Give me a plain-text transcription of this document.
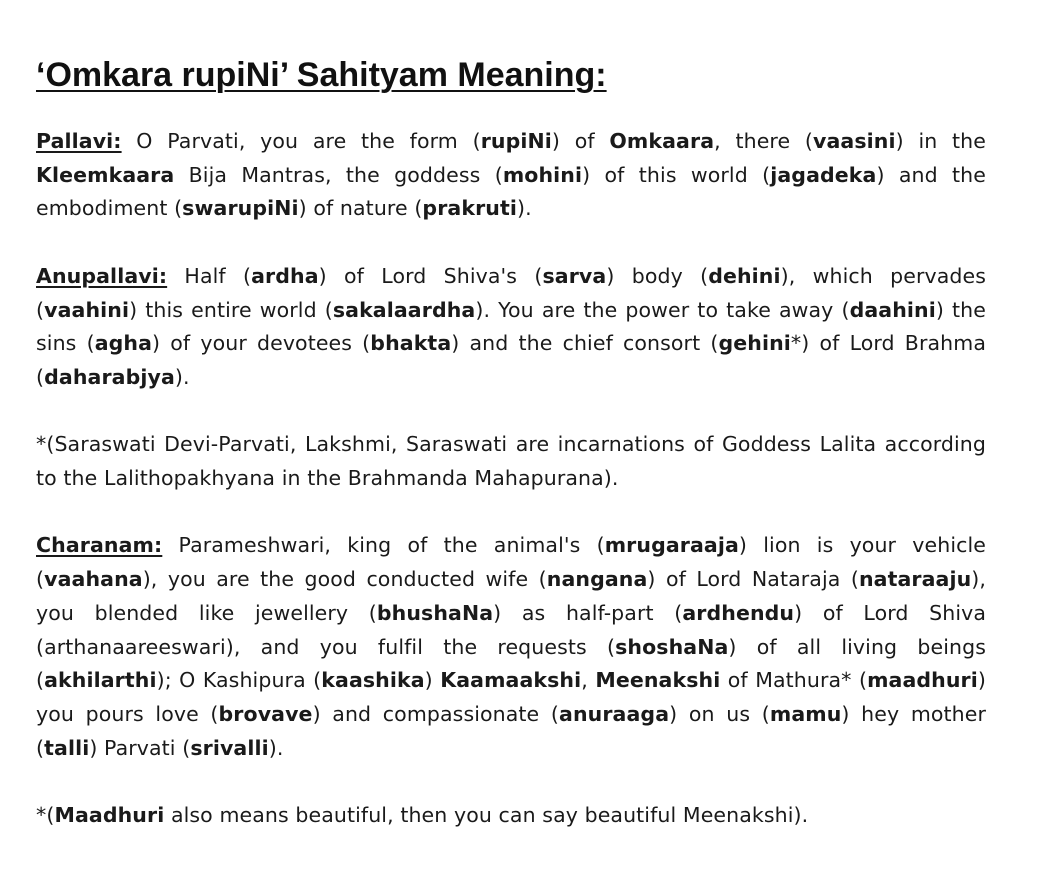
‘Omkara rupiNi’ Sahityam Meaning:

Pallavi: O Parvati, you are the form (rupiNi) of Omkaara, there (vaasini) in the Kleemkaara Bija Mantras, the goddess (mohini) of this world (jagadeka) and the embodiment (swarupiNi) of nature (prakruti).

Anupallavi: Half (ardha) of Lord Shiva's (sarva) body (dehini), which pervades (vaahini) this entire world (sakalaardha). You are the power to take away (daahini) the sins (agha) of your devotees (bhakta) and the chief consort (gehini*) of Lord Brahma (daharabjya).

*(Saraswati Devi-Parvati, Lakshmi, Saraswati are incarnations of Goddess Lalita according to the Lalithopakhyana in the Brahmanda Mahapurana).

Charanam: Parameshwari, king of the animal's (mrugaraaja) lion is your vehicle (vaahana), you are the good conducted wife (nangana) of Lord Nataraja (nataraaju), you blended like jewellery (bhushaNa) as half-part (ardhendu) of Lord Shiva (arthanaareeswari), and you fulfil the requests (shoshaNa) of all living beings (akhilarthi); O Kashipura (kaashika) Kaamaakshi, Meenakshi of Mathura* (maadhuri) you pours love (brovave) and compassionate (anuraaga) on us (mamu) hey mother (talli) Parvati (srivalli).

*(Maadhuri also means beautiful, then you can say beautiful Meenakshi).
